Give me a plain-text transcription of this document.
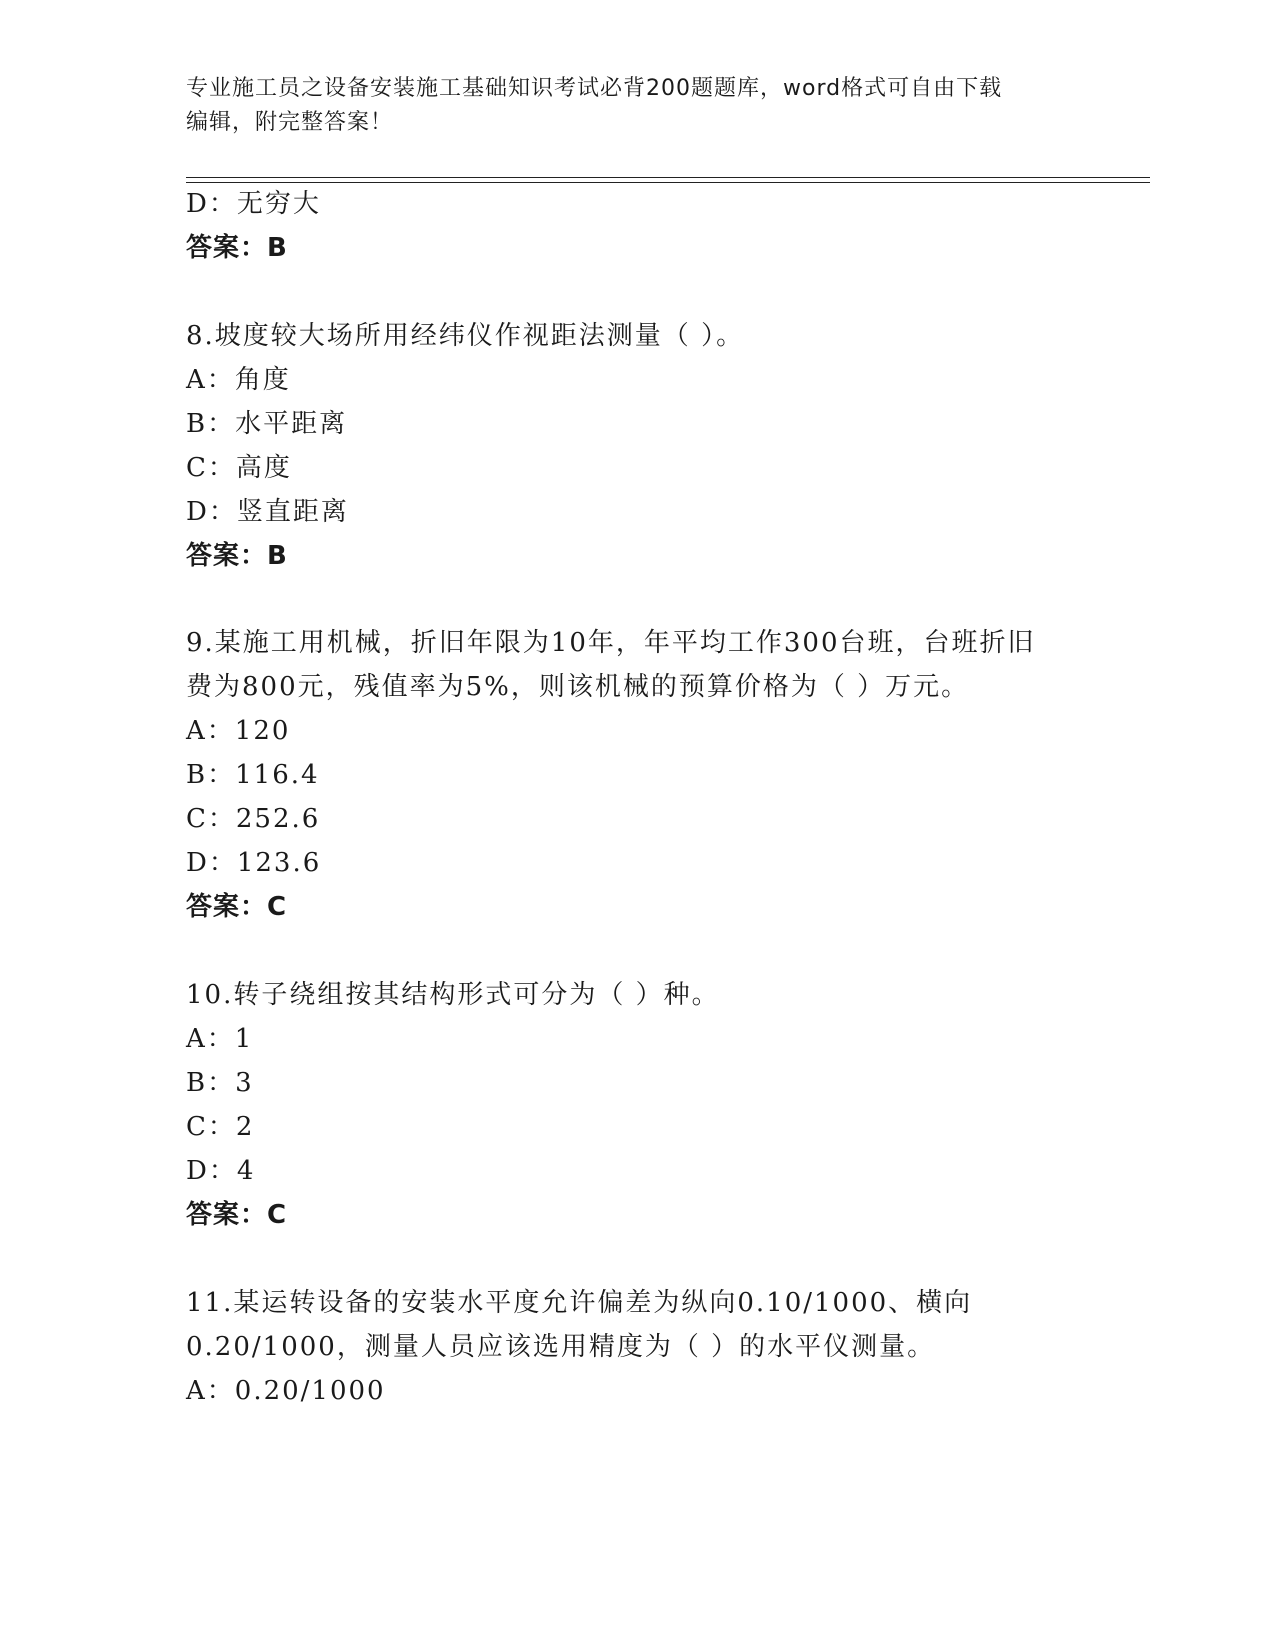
专业施工员之设备安装施工基础知识考试必背200题题库，word格式可自由下载
编辑，附完整答案！
D：无穷大
答案：B
8.坡度较大场所用经纬仪作视距法测量（ ）。
A：角度
B：水平距离
C：高度
D：竖直距离
答案：B
9.某施工用机械，折旧年限为10年，年平均工作300台班，台班折旧
费为800元，残值率为5%，则该机械的预算价格为（ ）万元。
A：120
B：116.4
C：252.6
D：123.6
答案：C
10.转子绕组按其结构形式可分为（ ）种。
A：1
B：3
C：2
D：4
答案：C
11.某运转设备的安装水平度允许偏差为纵向0.10/1000、横向
0.20/1000，测量人员应该选用精度为（ ）的水平仪测量。
A：0.20/1000
